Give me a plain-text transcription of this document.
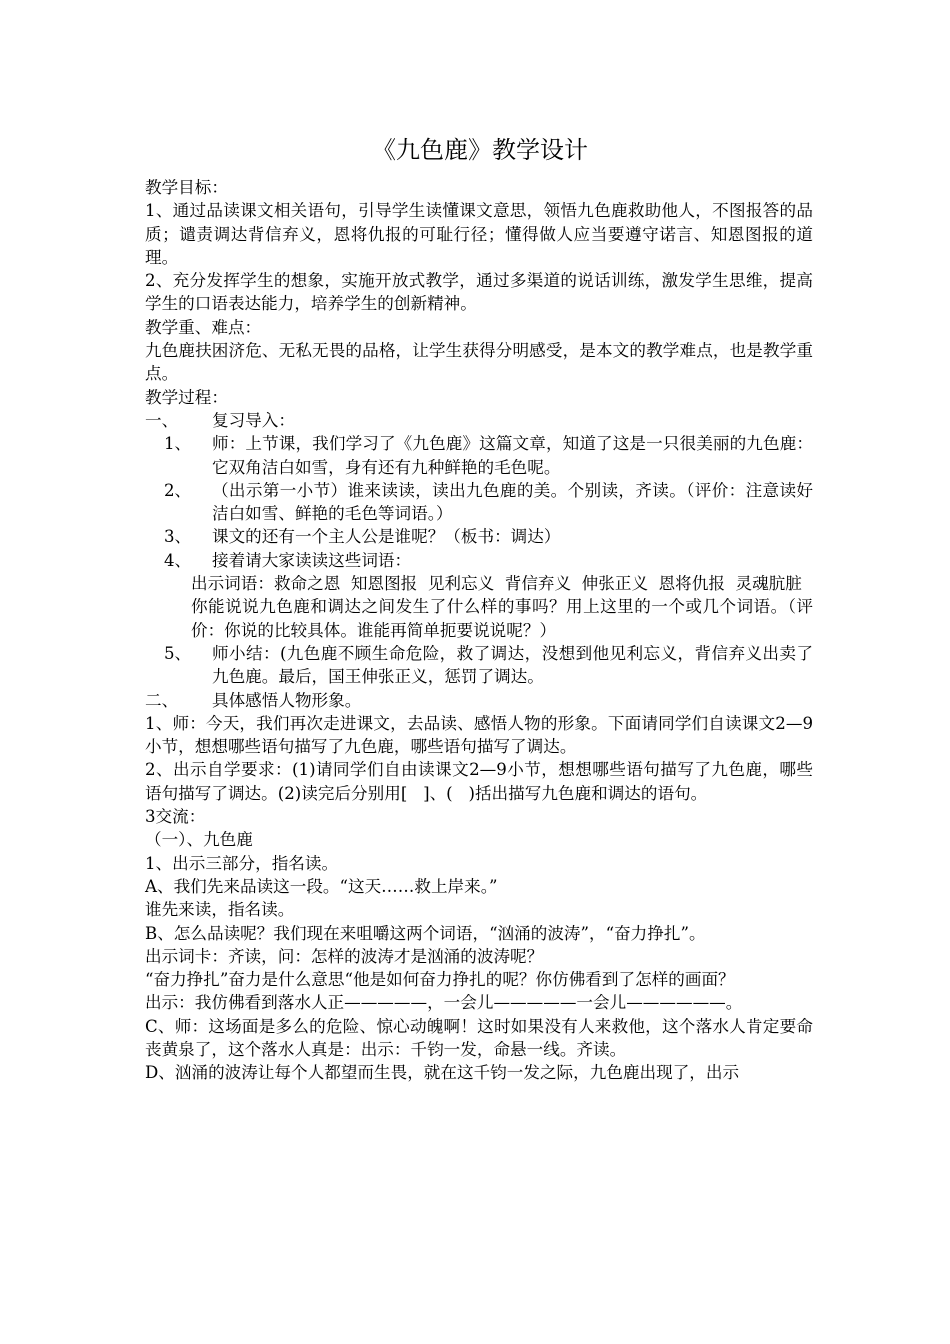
《九色鹿》教学设计

教学目标：

1、通过品读课文相关语句，引导学生读懂课文意思，领悟九色鹿救助他人，不图报答的品质；谴责调达背信弃义，恩将仇报的可耻行径；懂得做人应当要遵守诺言、知恩图报的道理。

2、充分发挥学生的想象，实施开放式教学，通过多渠道的说话训练，激发学生思维，提高学生的口语表达能力，培养学生的创新精神。

教学重、难点：

九色鹿扶困济危、无私无畏的品格，让学生获得分明感受，是本文的教学难点，也是教学重点。

教学过程：

一、 复习导入：

1、	师：上节课，我们学习了《九色鹿》这篇文章，知道了这是一只很美丽的九色鹿：它双角洁白如雪，身有还有九种鲜艳的毛色呢。

2、	（出示第一小节）谁来读读，读出九色鹿的美。个别读，齐读。（评价：注意读好洁白如雪、鲜艳的毛色等词语。）

3、	课文的还有一个主人公是谁呢？（板书：调达）

4、	接着请大家读读这些词语：

出示词语：救命之恩  知恩图报  见利忘义  背信弃义  伸张正义  恩将仇报  灵魂肮脏

你能说说九色鹿和调达之间发生了什么样的事吗？用上这里的一个或几个词语。（评价：你说的比较具体。谁能再简单扼要说说呢？）

5、	师小结：(九色鹿不顾生命危险，救了调达，没想到他见利忘义，背信弃义出卖了九色鹿。最后，国王伸张正义，惩罚了调达。

二、 具体感悟人物形象。

1、师：今天，我们再次走进课文，去品读、感悟人物的形象。下面请同学们自读课文2—9小节，想想哪些语句描写了九色鹿，哪些语句描写了调达。

2、出示自学要求：(1)请同学们自由读课文2—9小节，想想哪些语句描写了九色鹿，哪些语句描写了调达。(2)读完后分别用[   ]、(   )括出描写九色鹿和调达的语句。

3交流：

（一）、九色鹿

1、出示三部分，指名读。

A、我们先来品读这一段。“这天……救上岸来。”

谁先来读，指名读。

B、怎么品读呢？我们现在来咀嚼这两个词语，“汹涌的波涛”，“奋力挣扎”。

出示词卡：齐读，问：怎样的波涛才是汹涌的波涛呢？

“奋力挣扎”奋力是什么意思“他是如何奋力挣扎的呢？你仿佛看到了怎样的画面？

出示：我仿佛看到落水人正—————，一会儿—————一会儿——————。

C、师：这场面是多么的危险、惊心动魄啊！这时如果没有人来救他，这个落水人肯定要命丧黄泉了，这个落水人真是：出示：千钧一发，命悬一线。齐读。

D、汹涌的波涛让每个人都望而生畏，就在这千钧一发之际，九色鹿出现了，出示
